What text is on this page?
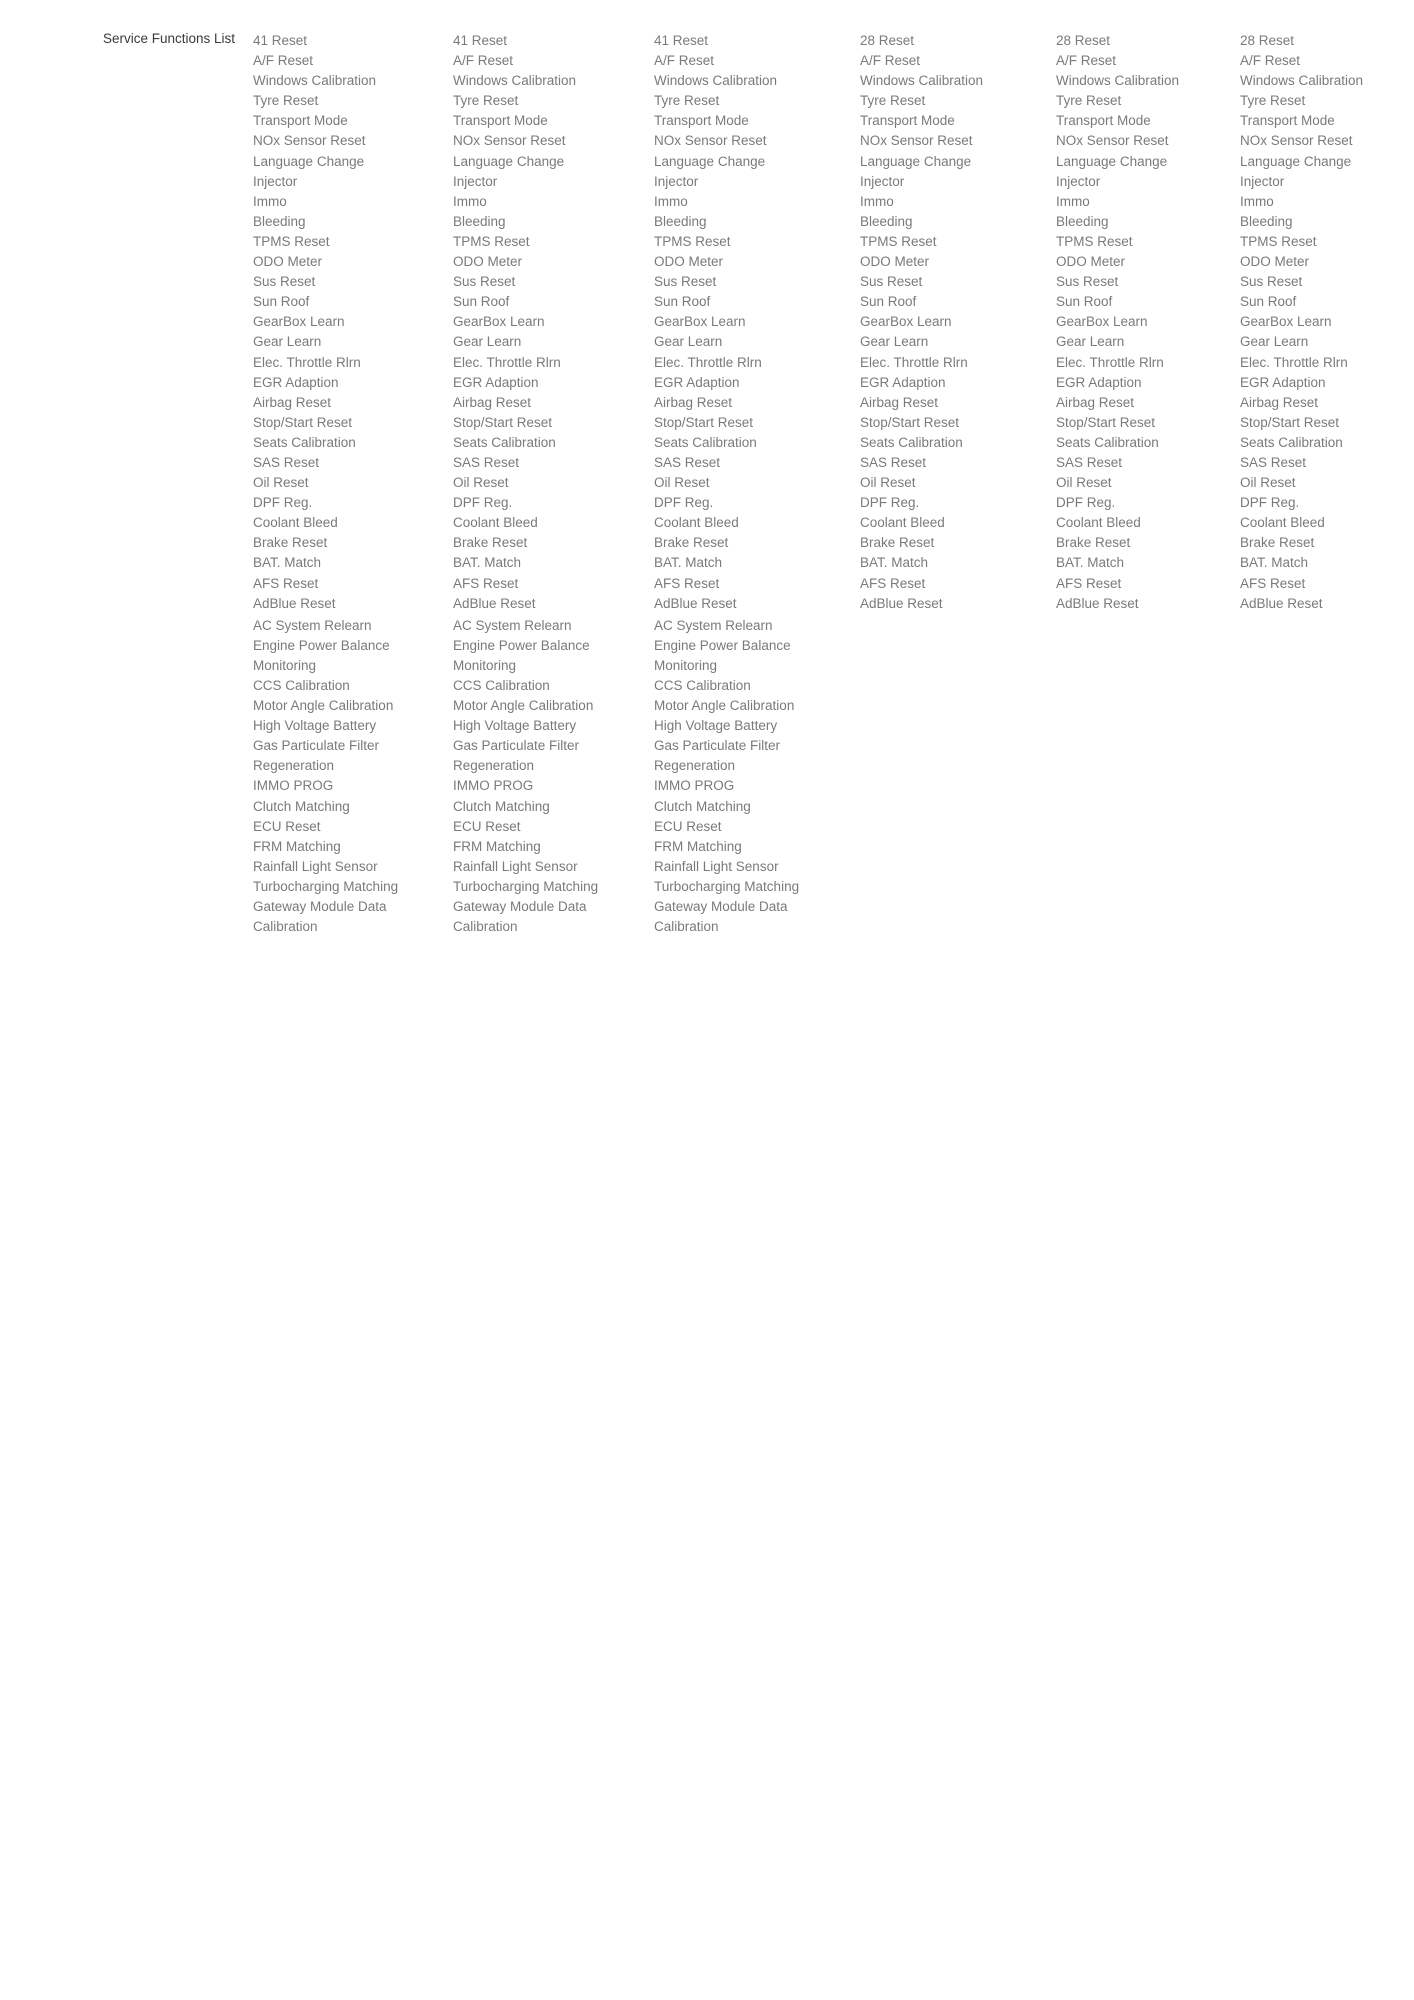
Service Functions List 41 Reset
A/F Reset
Windows Calibration
Tyre Reset
Transport Mode
NOx Sensor Reset
Language Change
Injector
Immo
Bleeding
TPMS Reset
ODO Meter
Sus Reset
Sun Roof
GearBox Learn
Gear Learn
Elec. Throttle Rlrn
EGR Adaption
Airbag Reset
Stop/Start Reset
Seats Calibration
SAS Reset
Oil Reset
DPF Reg.
Coolant Bleed
Brake Reset
BAT. Match
AFS Reset
AdBlue Reset
AC System Relearn
Engine Power Balance
Monitoring
CCS Calibration
Motor Angle Calibration
High Voltage Battery
Gas Particulate Filter
Regeneration
IMMO PROG
Clutch Matching
ECU Reset
FRM Matching
Rainfall Light Sensor
Turbocharging Matching
Gateway Module Data
Calibration
41 Reset
A/F Reset
Windows Calibration
Tyre Reset
Transport Mode
NOx Sensor Reset
Language Change
Injector
Immo
Bleeding
TPMS Reset
ODO Meter
Sus Reset
Sun Roof
GearBox Learn
Gear Learn
Elec. Throttle Rlrn
EGR Adaption
Airbag Reset
Stop/Start Reset
Seats Calibration
SAS Reset
Oil Reset
DPF Reg.
Coolant Bleed
Brake Reset
BAT. Match
AFS Reset
AdBlue Reset
AC System Relearn
Engine Power Balance
Monitoring
CCS Calibration
Motor Angle Calibration
High Voltage Battery
Gas Particulate Filter
Regeneration
IMMO PROG
Clutch Matching
ECU Reset
FRM Matching
Rainfall Light Sensor
Turbocharging Matching
Gateway Module Data
Calibration
41 Reset
A/F Reset
Windows Calibration
Tyre Reset
Transport Mode
NOx Sensor Reset
Language Change
Injector
Immo
Bleeding
TPMS Reset
ODO Meter
Sus Reset
Sun Roof
GearBox Learn
Gear Learn
Elec. Throttle Rlrn
EGR Adaption
Airbag Reset
Stop/Start Reset
Seats Calibration
SAS Reset
Oil Reset
DPF Reg.
Coolant Bleed
Brake Reset
BAT. Match
AFS Reset
AdBlue Reset
AC System Relearn
Engine Power Balance
Monitoring
CCS Calibration
Motor Angle Calibration
High Voltage Battery
Gas Particulate Filter
Regeneration
IMMO PROG
Clutch Matching
ECU Reset
FRM Matching
Rainfall Light Sensor
Turbocharging Matching
Gateway Module Data
Calibration
28 Reset
A/F Reset
Windows Calibration
Tyre Reset
Transport Mode
NOx Sensor Reset
Language Change
Injector
Immo
Bleeding
TPMS Reset
ODO Meter
Sus Reset
Sun Roof
GearBox Learn
Gear Learn
Elec. Throttle Rlrn
EGR Adaption
Airbag Reset
Stop/Start Reset
Seats Calibration
SAS Reset
Oil Reset
DPF Reg.
Coolant Bleed
Brake Reset
BAT. Match
AFS Reset
AdBlue Reset
28 Reset
A/F Reset
Windows Calibration
Tyre Reset
Transport Mode
NOx Sensor Reset
Language Change
Injector
Immo
Bleeding
TPMS Reset
ODO Meter
Sus Reset
Sun Roof
GearBox Learn
Gear Learn
Elec. Throttle Rlrn
EGR Adaption
Airbag Reset
Stop/Start Reset
Seats Calibration
SAS Reset
Oil Reset
DPF Reg.
Coolant Bleed
Brake Reset
BAT. Match
AFS Reset
AdBlue Reset
28 Reset
A/F Reset
Windows Calibration
Tyre Reset
Transport Mode
NOx Sensor Reset
Language Change
Injector
Immo
Bleeding
TPMS Reset
ODO Meter
Sus Reset
Sun Roof
GearBox Learn
Gear Learn
Elec. Throttle Rlrn
EGR Adaption
Airbag Reset
Stop/Start Reset
Seats Calibration
SAS Reset
Oil Reset
DPF Reg.
Coolant Bleed
Brake Reset
BAT. Match
AFS Reset
AdBlue Reset
